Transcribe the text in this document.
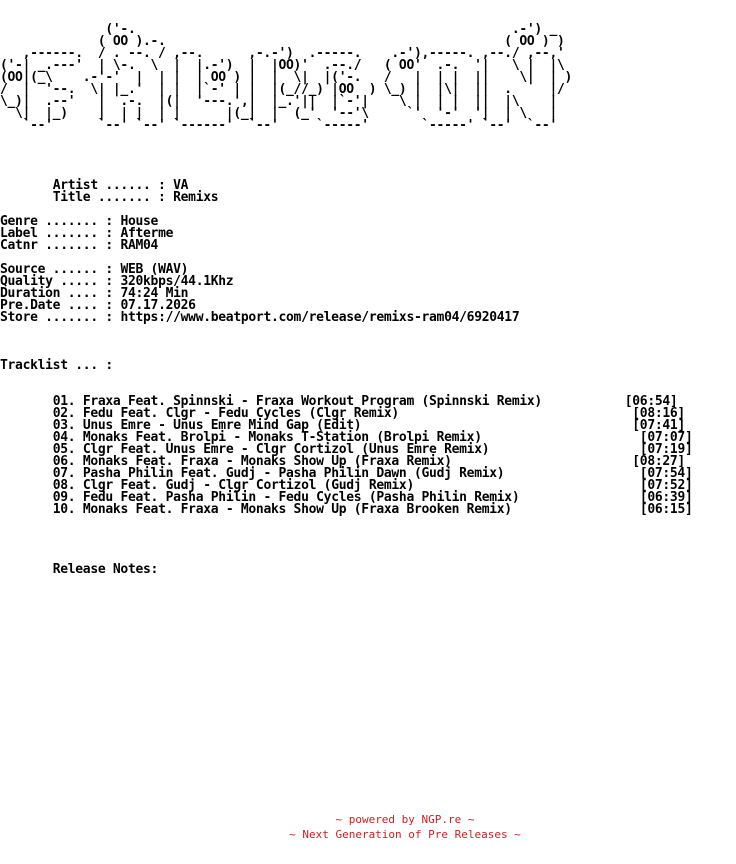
('-.                                                  .-') _
( OO ).-.                                             ( OO ) )
,------.  / . --. / ,--.      ,-.-')  .-----.    .-'),-----. ,--./ ,--,'
('-| _.---'  | \-.  \  |  |.-')  |  |OO)'  .--./   ( OO'  .-.  '|   \ |  |\
(OO|(_\    .-'-'  |  | |  | OO ) |  |  \|  |('-.   /   |  | |  ||    \|  | )
/  |  '--.  \| |_.'  | |  |`-' | |  |(_//_) |OO  ) \_) |  |\|  ||  .     |/
\_)|  .--'   |  .-.  |(|  '---.',|  |_.'||  |`-'|    \ |  | |  ||  |\    |
\|  |_)    |  | |  | |      |(_|  |  (_'  '--'\     `'  '-'  '|  | \   |
`--'      `--' `--' `------'  `--'     `-----'       `-----' `--'  `--'

Artist ...... : VA
Title ....... : Remixs

Genre ....... : House
Label ....... : Afterme
Catnr ....... : RAM04

Source ...... : WEB (WAV)
Quality ..... : 320kbps/44.1Khz
Duration .... : 74:24 Min
Pre.Date .... : 07.17.2026
Store ....... : https://www.beatport.com/release/remixs-ram04/6920417

Tracklist ... :

01. Fraxa Feat. Spinnski - Fraxa Workout Program (Spinnski Remix)	[06:54]
02. Fedu Feat. Clgr - Fedu Cycles (Clgr Remix)	[08:16]
03. Unus Emre - Unus Emre Mind Gap (Edit)	[07:41]
04. Monaks Feat. Brolpi - Monaks T-Station (Brolpi Remix)	[07:07]
05. Clgr Feat. Unus Emre - Clgr Cortizol (Unus Emre Remix)	[07:19]
06. Monaks Feat. Fraxa - Monaks Show Up (Fraxa Remix)	[08:27]
07. Pasha Philin Feat. Gudj - Pasha Philin Dawn (Gudj Remix)	[07:54]
08. Clgr Feat. Gudj - Clgr Cortizol (Gudj Remix)	[07:52]
09. Fedu Feat. Pasha Philin - Fedu Cycles (Pasha Philin Remix)	[06:39]
10. Monaks Feat. Fraxa - Monaks Show Up (Fraxa Brooken Remix)	[06:15]

Release Notes:
~ powered by NGP.re ~
~ Next Generation of Pre Releases ~
